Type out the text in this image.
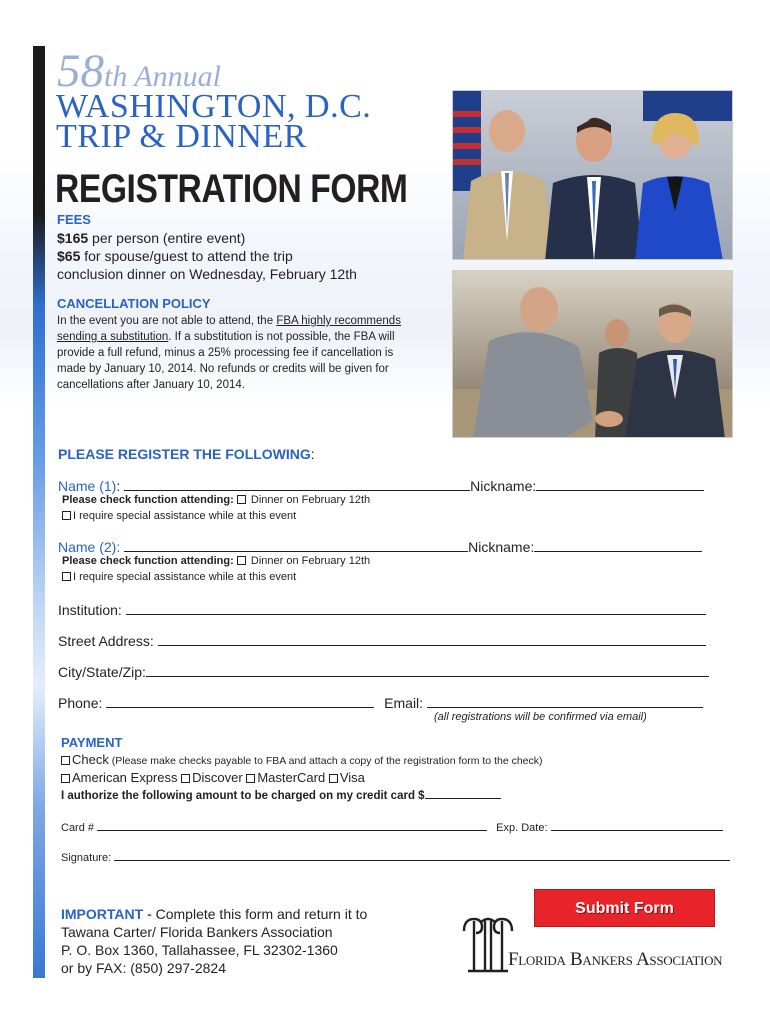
58th Annual
WASHINGTON, D.C.
TRIP & DINNER
REGISTRATION FORM
FEES
$165 per person (entire event)
$65 for spouse/guest to attend the trip
conclusion dinner on Wednesday, February 12th
CANCELLATION POLICY
In the event you are not able to attend, the FBA highly recommends
sending a substitution. If a substitution is not possible, the FBA will provide a full refund, minus a 25% processing fee if cancellation is made by January 10, 2014. No refunds or credits will be given for cancellations after January 10, 2014.
PLEASE REGISTER THE FOLLOWING:
Name (1):	Nickname:
Please check function attending:  Dinner on February 12th
I require special assistance while at this event
Name (2):	Nickname:
Please check function attending:  Dinner on February 12th
I require special assistance while at this event
Institution:
Street Address:
City/State/Zip:
Phone:	Email:
(all registrations will be confirmed via email)
PAYMENT
Check (Please make checks payable to FBA and attach a copy of the registration form to the check)
American Express Discover MasterCard Visa
I authorize the following amount to be charged on my credit card $
Card #	Exp. Date:
Signature:
IMPORTANT - Complete this form and return it to
Tawana Carter/ Florida Bankers Association
P. O. Box 1360, Tallahassee, FL 32302-1360
or by FAX: (850) 297-2824
Submit Form
Florida Bankers Association
